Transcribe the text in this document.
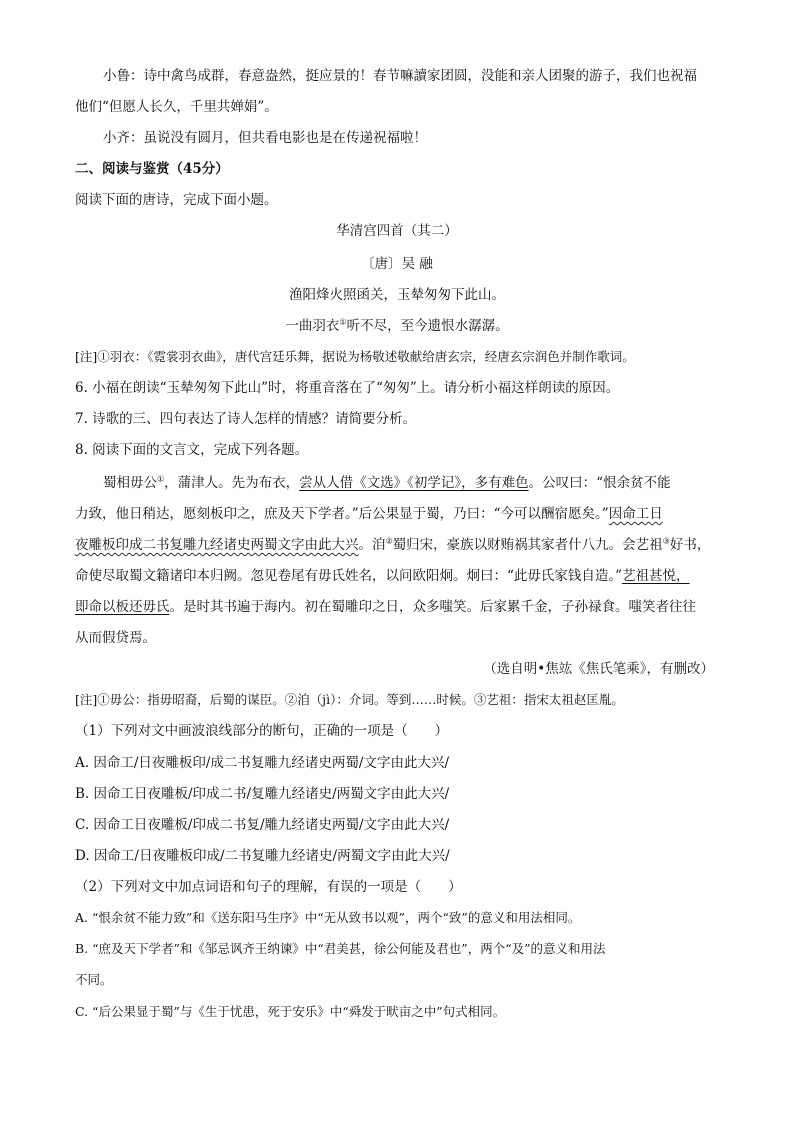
小鲁：诗中禽鸟成群，春意盎然，挺应景的！春节嘛讀家团圆，没能和亲人团聚的游子，我们也祝福
他们“但愿人长久，千里共婵娟”。
小齐：虽说没有圆月，但共看电影也是在传递祝福啦！
二、阅读与鉴赏（45分）
阅读下面的唐诗，完成下面小题。
华清宫四首（其二）
〔唐〕吴 融
渔阳烽火照函关，玉辇匆匆下此山。
一曲羽衣①听不尽，至今遗恨水潺潺。
[注]①羽衣：《霓裳羽衣曲》，唐代宫廷乐舞，据说为杨敬述敬献给唐玄宗，经唐玄宗润色并制作歌词。
6. 小福在朗读“玉辇匆匆下此山”时，将重音落在了“匆匆”上。请分析小福这样朗读的原因。
7. 诗歌的三、四句表达了诗人怎样的情感？请简要分析。
8. 阅读下面的文言文，完成下列各题。
蜀相毋公①，蒲津人。先为布衣，尝从人借《文选》《初学记》，多有难色。公叹曰：“恨余贫不能
力致，他日稍达，愿刻板印之，庶及天下学者。”后公果显于蜀，乃曰：“今可以酬宿愿矣。”因命工日
夜雕板印成二书复雕九经诸史两蜀文字由此大兴。洎②蜀归宋，豪族以财贿祸其家者什八九。会艺祖③好书，
命使尽取蜀文籍诸印本归阙。忽见卷尾有毋氏姓名，以问欧阳炯。炯曰：“此毋氏家钱自造。”艺祖甚悦，
即命以板还毋氏。是时其书遍于海内。初在蜀雕印之日，众多嗤笑。后家累千金，子孙禄食。嗤笑者往往
从而假贷焉。
（选自明•焦竑《焦氏笔乘》，有删改）
[注]①毋公：指毋昭裔，后蜀的谋臣。②洎（jì）：介词。等到……时候。③艺祖：指宋太祖赵匡胤。
（1）下列对文中画波浪线部分的断句，正确的一项是（　　）
A. 因命工/日夜雕板印/成二书复雕九经诸史两蜀/文字由此大兴/
B. 因命工日夜雕板/印成二书/复雕九经诸史/两蜀文字由此大兴/
C. 因命工日夜雕板/印成二书复/雕九经诸史两蜀/文字由此大兴/
D. 因命工/日夜雕板印成/二书复雕九经诸史/两蜀文字由此大兴/
（2）下列对文中加点词语和句子的理解，有误的一项是（　　）
A. “恨余贫不能力致”和《送东阳马生序》中“无从致书以观”，两个“致”的意义和用法相同。
B. “庶及天下学者”和《邹忌讽齐王纳谏》中“君美甚，徐公何能及君也”，两个“及”的意义和用法
不同。
C. “后公果显于蜀”与《生于忧患，死于安乐》中“舜发于畎亩之中”句式相同。
